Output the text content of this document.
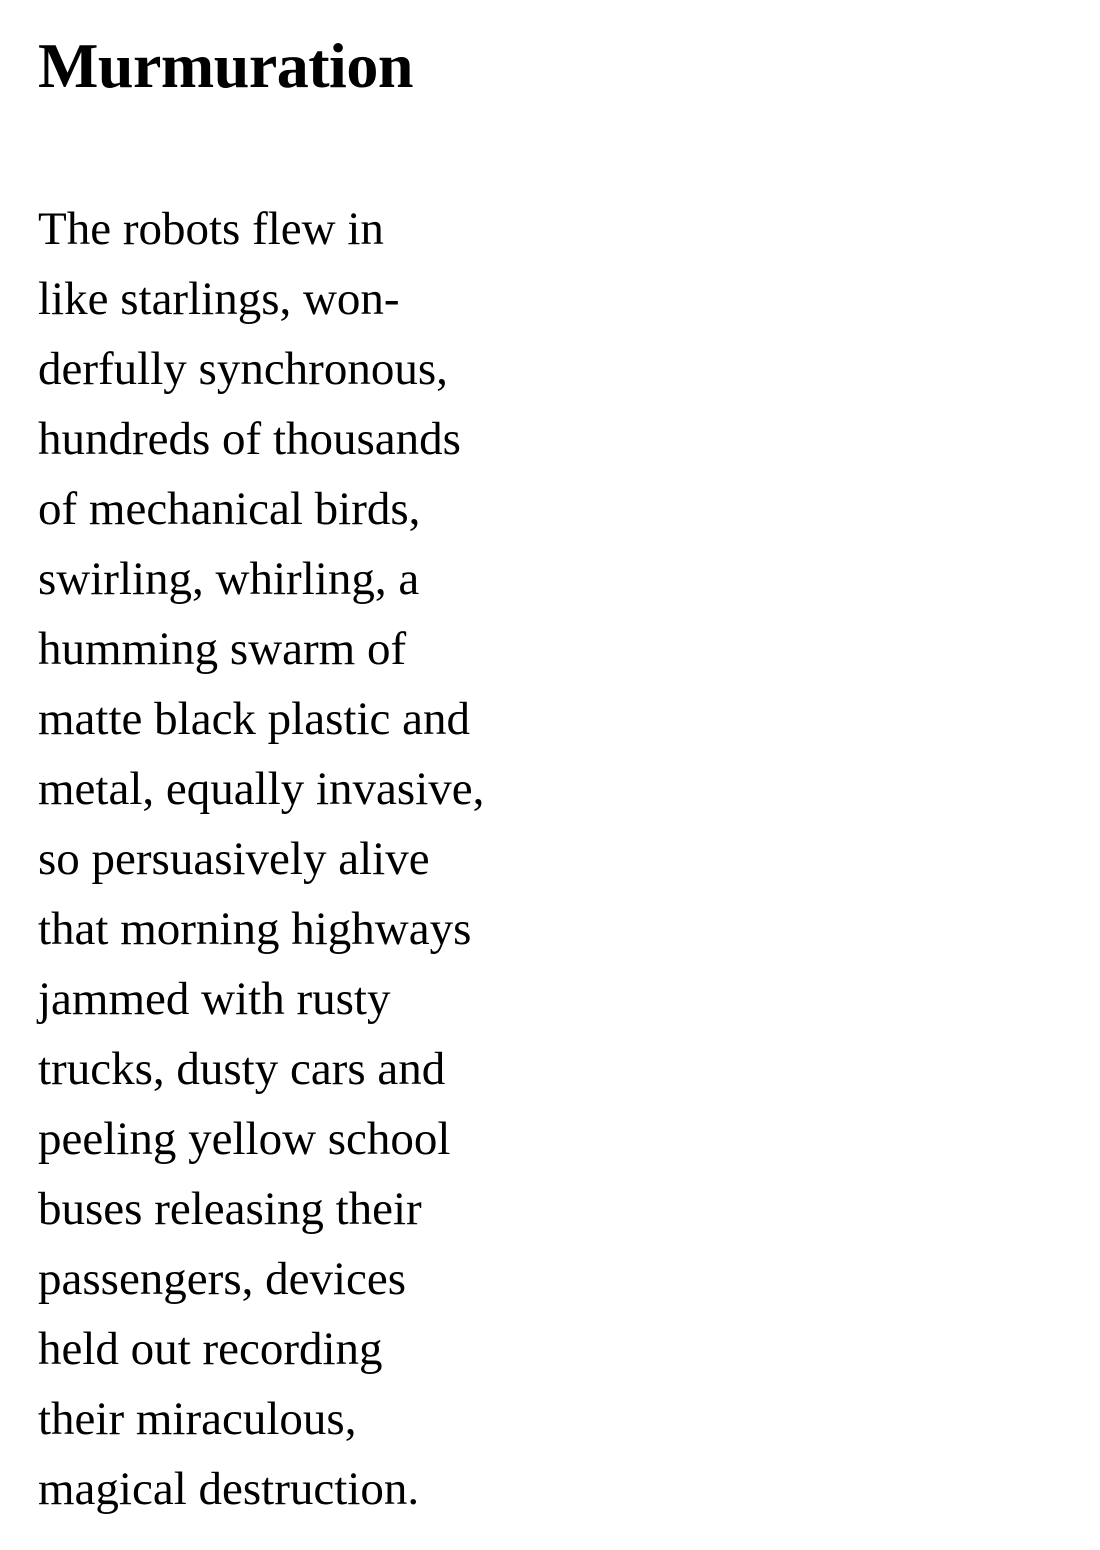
Murmuration
The robots flew in
like starlings, won-
derfully synchronous,
hundreds of thousands
of mechanical birds,
swirling, whirling, a
humming swarm of
matte black plastic and
metal, equally invasive,
so persuasively alive
that morning highways
jammed with rusty
trucks, dusty cars and
peeling yellow school
buses releasing their
passengers, devices
held out recording
their miraculous,
magical destruction.
